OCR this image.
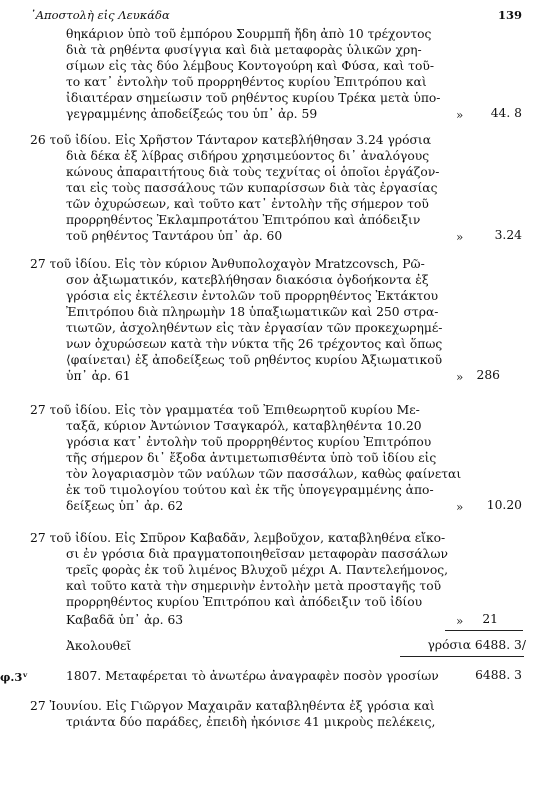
᾽Αποστολὴ εἰς Λευκάδα	139
θηκάριον ὑπὸ τοῦ ἐμπόρου Σουρμπῆ ἤδη ἀπὸ 10 τρέχοντος
διὰ τὰ ρηθέντα φυσίγγια καὶ διὰ μεταφορὰς ὑλικῶν χρη-
σίμων εἰς τὰς δύο λέμβους Κοντογούρη καὶ Φύσα, καὶ τοῦ-
το κατ᾽ ἐντολὴν τοῦ προρρηθέντος κυρίου Ἐπιτρόπου καὶ
ἰδιαιτέραν σημείωσιν τοῦ ρηθέντος κυρίου Τρέκα μετὰ ὑπο-
γεγραμμένης ἀποδείξεώς του ὑπ᾽ ἀρ. 59	» 44. 8
26 τοῦ ἰδίου. Εἰς Χρῆστον Τάνταρον κατεβλήθησαν 3.24 γρόσια
διὰ δέκα ἐξ λίβρας σιδήρου χρησιμεύοντος δι᾽ ἀναλόγους
κώνους ἀπαραιτήτους διὰ τοὺς τεχνίτας οἱ ὁποῖοι ἐργάζον-
ται εἰς τοὺς πασσάλους τῶν κυπαρίσσων διὰ τὰς ἐργασίας
τῶν ὀχυρώσεων, καὶ τοῦτο κατ᾽ ἐντολὴν τῆς σήμερον τοῦ
προρρηθέντος Ἐκλαμπροτάτου Ἐπιτρόπου καὶ ἀπόδειξιν
τοῦ ρηθέντος Ταντάρου ὑπ᾽ ἀρ. 60	»	3.24
27 τοῦ ἰδίου. Εἰς τὸν κύριον Ἀνθυπολοχαγὸν Mratzcovsch, Ρῶ-
σον ἀξιωματικόν, κατεβλήθησαν διακόσια ὀγδοήκοντα ἐξ
γρόσια εἰς ἐκτέλεσιν ἐντολῶν τοῦ προρρηθέντος Ἐκτάκτου
Ἐπιτρόπου διὰ πληρωμὴν 18 ὑπαξιωματικῶν καὶ 250 στρα-
τιωτῶν, ἀσχοληθέντων εἰς τὰν ἐργασίαν τῶν προκεχωρημέ-
νων ὀχυρώσεων κατὰ τὴν νύκτα τῆς 26 τρέχοντος καὶ ὅπως
⟨φαίνεται⟩ ἐξ ἀποδείξεως τοῦ ρηθέντος κυρίου Ἀξιωματικοῦ
ὑπ᾽ ἀρ. 61	» 286
27 τοῦ ἰδίου. Εἰς τὸν γραμματέα τοῦ Ἐπιθεωρητοῦ κυρίου Με-
ταξᾶ, κύριον Ἀντώνιον Τσαγκαρόλ, καταβληθέντα 10.20
γρόσια κατ᾽ ἐντολὴν τοῦ προρρηθέντος κυρίου Ἐπιτρόπου
τῆς σήμερον δι᾽ ἔξοδα ἀντιμετωπισθέντα ὑπὸ τοῦ ἰδίου εἰς
τὸν λογαριασμὸν τῶν ναύλων τῶν πασσάλων, καθὼς φαίνεται
ἐκ τοῦ τιμολογίου τούτου καὶ ἐκ τῆς ὑπογεγραμμένης ἀπο-
δείξεως ὑπ᾽ ἀρ. 62	» 10.20
27 τοῦ ἰδίου. Εἰς Σπῦρον Καβαδᾶν, λεμβοῦχον, καταβληθένα εἴκο-
σι ἐν γρόσια διὰ πραγματοποιηθεῖσαν μεταφορὰν πασσάλων
τρεῖς φορὰς ἐκ τοῦ λιμένος Βλυχοῦ μέχρι Α. Παντελεήμονος,
καὶ τοῦτο κατὰ τὴν σημερινὴν ἐντολὴν μετὰ προσταγῆς τοῦ
προρρηθέντος κυρίου Ἐπιτρόπου καὶ ἀπόδειξιν τοῦ ἰδίου
Καβαδᾶ ὑπ᾽ ἀρ. 63	» 21
Ἀκολουθεῖ	γρόσια 6488. 3/
φ.3ᵛ	1807. Μεταφέρεται τὸ ἀνωτέρω ἀναγραφὲν ποσὸν γροσίων	6488. 3
27 Ἰουνίου. Εἰς Γιῶργον Μαχαιρᾶν καταβληθέντα ἐξ γρόσια καὶ
τριάντα δύο παράδες, ἐπειδὴ ἠκόνισε 41 μικροὺς πελέκεις,
